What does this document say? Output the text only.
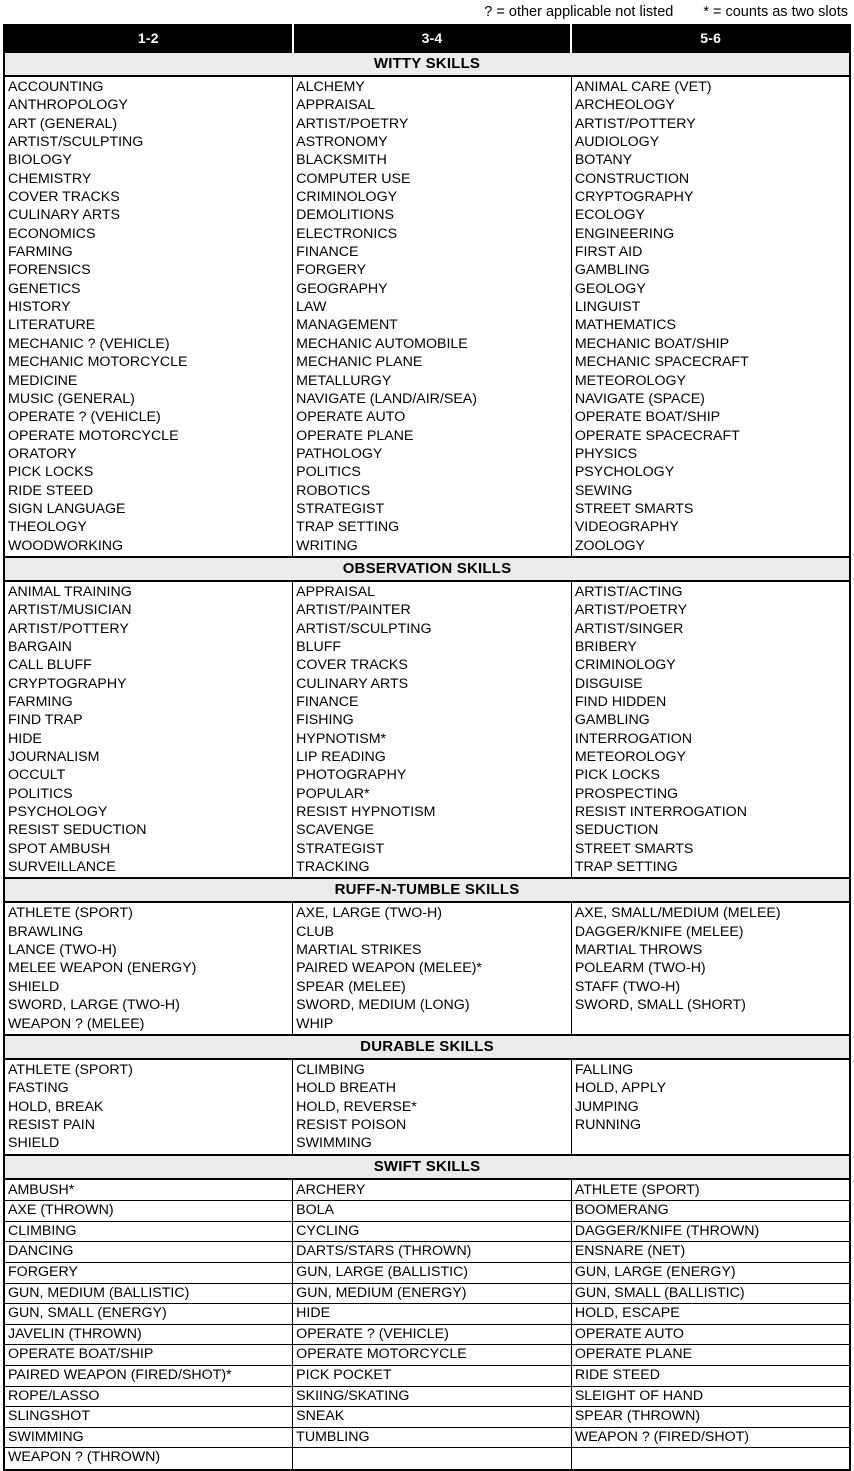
? = other applicable not listed * = counts as two slots
1-2	3-4	5-6
WITTY SKILLS		
ACCOUNTING	ALCHEMY	ANIMAL CARE (VET)
ANTHROPOLOGY	APPRAISAL	ARCHEOLOGY
ART (GENERAL)	ARTIST/POETRY	ARTIST/POTTERY
ARTIST/SCULPTING	ASTRONOMY	AUDIOLOGY
BIOLOGY	BLACKSMITH	BOTANY
CHEMISTRY	COMPUTER USE	CONSTRUCTION
COVER TRACKS	CRIMINOLOGY	CRYPTOGRAPHY
CULINARY ARTS	DEMOLITIONS	ECOLOGY
ECONOMICS	ELECTRONICS	ENGINEERING
FARMING	FINANCE	FIRST AID
FORENSICS	FORGERY	GAMBLING
GENETICS	GEOGRAPHY	GEOLOGY
HISTORY	LAW	LINGUIST
LITERATURE	MANAGEMENT	MATHEMATICS
MECHANIC ? (VEHICLE)	MECHANIC AUTOMOBILE	MECHANIC BOAT/SHIP
MECHANIC MOTORCYCLE	MECHANIC PLANE	MECHANIC SPACECRAFT
MEDICINE	METALLURGY	METEOROLOGY
MUSIC (GENERAL)	NAVIGATE (LAND/AIR/SEA)	NAVIGATE (SPACE)
OPERATE ? (VEHICLE)	OPERATE AUTO	OPERATE BOAT/SHIP
OPERATE MOTORCYCLE	OPERATE PLANE	OPERATE SPACECRAFT
ORATORY	PATHOLOGY	PHYSICS
PICK LOCKS	POLITICS	PSYCHOLOGY
RIDE STEED	ROBOTICS	SEWING
SIGN LANGUAGE	STRATEGIST	STREET SMARTS
THEOLOGY	TRAP SETTING	VIDEOGRAPHY
WOODWORKING	WRITING	ZOOLOGY
OBSERVATION SKILLS		
ANIMAL TRAINING	APPRAISAL	ARTIST/ACTING
ARTIST/MUSICIAN	ARTIST/PAINTER	ARTIST/POETRY
ARTIST/POTTERY	ARTIST/SCULPTING	ARTIST/SINGER
BARGAIN	BLUFF	BRIBERY
CALL BLUFF	COVER TRACKS	CRIMINOLOGY
CRYPTOGRAPHY	CULINARY ARTS	DISGUISE
FARMING	FINANCE	FIND HIDDEN
FIND TRAP	FISHING	GAMBLING
HIDE	HYPNOTISM*	INTERROGATION
JOURNALISM	LIP READING	METEOROLOGY
OCCULT	PHOTOGRAPHY	PICK LOCKS
POLITICS	POPULAR*	PROSPECTING
PSYCHOLOGY	RESIST HYPNOTISM	RESIST INTERROGATION
RESIST SEDUCTION	SCAVENGE	SEDUCTION
SPOT AMBUSH	STRATEGIST	STREET SMARTS
SURVEILLANCE	TRACKING	TRAP SETTING
RUFF-N-TUMBLE SKILLS		
ATHLETE (SPORT)	AXE, LARGE (TWO-H)	AXE, SMALL/MEDIUM (MELEE)
BRAWLING	CLUB	DAGGER/KNIFE (MELEE)
LANCE (TWO-H)	MARTIAL STRIKES	MARTIAL THROWS
MELEE WEAPON (ENERGY)	PAIRED WEAPON (MELEE)*	POLEARM (TWO-H)
SHIELD	SPEAR (MELEE)	STAFF (TWO-H)
SWORD, LARGE (TWO-H)	SWORD, MEDIUM (LONG)	SWORD, SMALL (SHORT)
WEAPON ? (MELEE)	WHIP	
DURABLE SKILLS		
ATHLETE (SPORT)	CLIMBING	FALLING
FASTING	HOLD BREATH	HOLD, APPLY
HOLD, BREAK	HOLD, REVERSE*	JUMPING
RESIST PAIN	RESIST POISON	RUNNING
SHIELD	SWIMMING	
SWIFT SKILLS		
AMBUSH*	ARCHERY	ATHLETE (SPORT)
AXE (THROWN)	BOLA	BOOMERANG
CLIMBING	CYCLING	DAGGER/KNIFE (THROWN)
DANCING	DARTS/STARS (THROWN)	ENSNARE (NET)
FORGERY	GUN, LARGE (BALLISTIC)	GUN, LARGE (ENERGY)
GUN, MEDIUM (BALLISTIC)	GUN, MEDIUM (ENERGY)	GUN, SMALL (BALLISTIC)
GUN, SMALL (ENERGY)	HIDE	HOLD, ESCAPE
JAVELIN (THROWN)	OPERATE ? (VEHICLE)	OPERATE AUTO
OPERATE BOAT/SHIP	OPERATE MOTORCYCLE	OPERATE PLANE
PAIRED WEAPON (FIRED/SHOT)*	PICK POCKET	RIDE STEED
ROPE/LASSO	SKIING/SKATING	SLEIGHT OF HAND
SLINGSHOT	SNEAK	SPEAR (THROWN)
SWIMMING	TUMBLING	WEAPON ? (FIRED/SHOT)
WEAPON ? (THROWN)		
